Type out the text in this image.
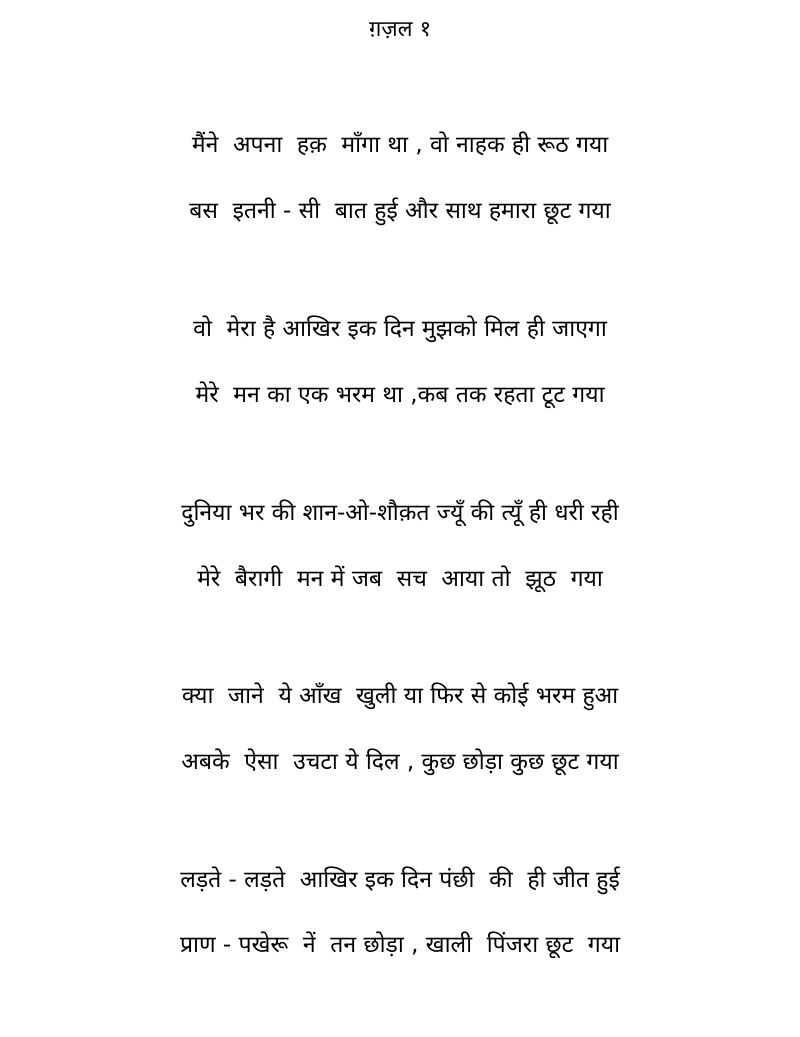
ग़ज़ल १
मैंने  अपना  हक़  माँगा था , वो नाहक ही रूठ गया
बस  इतनी - सी  बात हुई और साथ हमारा छूट गया
वो  मेरा है आखिर इक दिन मुझको मिल ही जाएगा
मेरे  मन का एक भरम था ,कब तक रहता टूट गया
दुनिया भर की शान-ओ-शौक़त ज्यूँ की त्यूँ ही धरी रही
मेरे  बैरागी  मन में जब  सच  आया तो  झूठ  गया
क्या  जाने  ये आँख  खुली या फिर से कोई भरम हुआ
अबके  ऐसा  उचटा ये दिल , कुछ छोड़ा कुछ छूट गया
लड़ते - लड़ते  आखिर इक दिन पंछी  की  ही जीत हुई
प्राण - पखेरू  नें  तन छोड़ा , खाली  पिंजरा छूट  गया
